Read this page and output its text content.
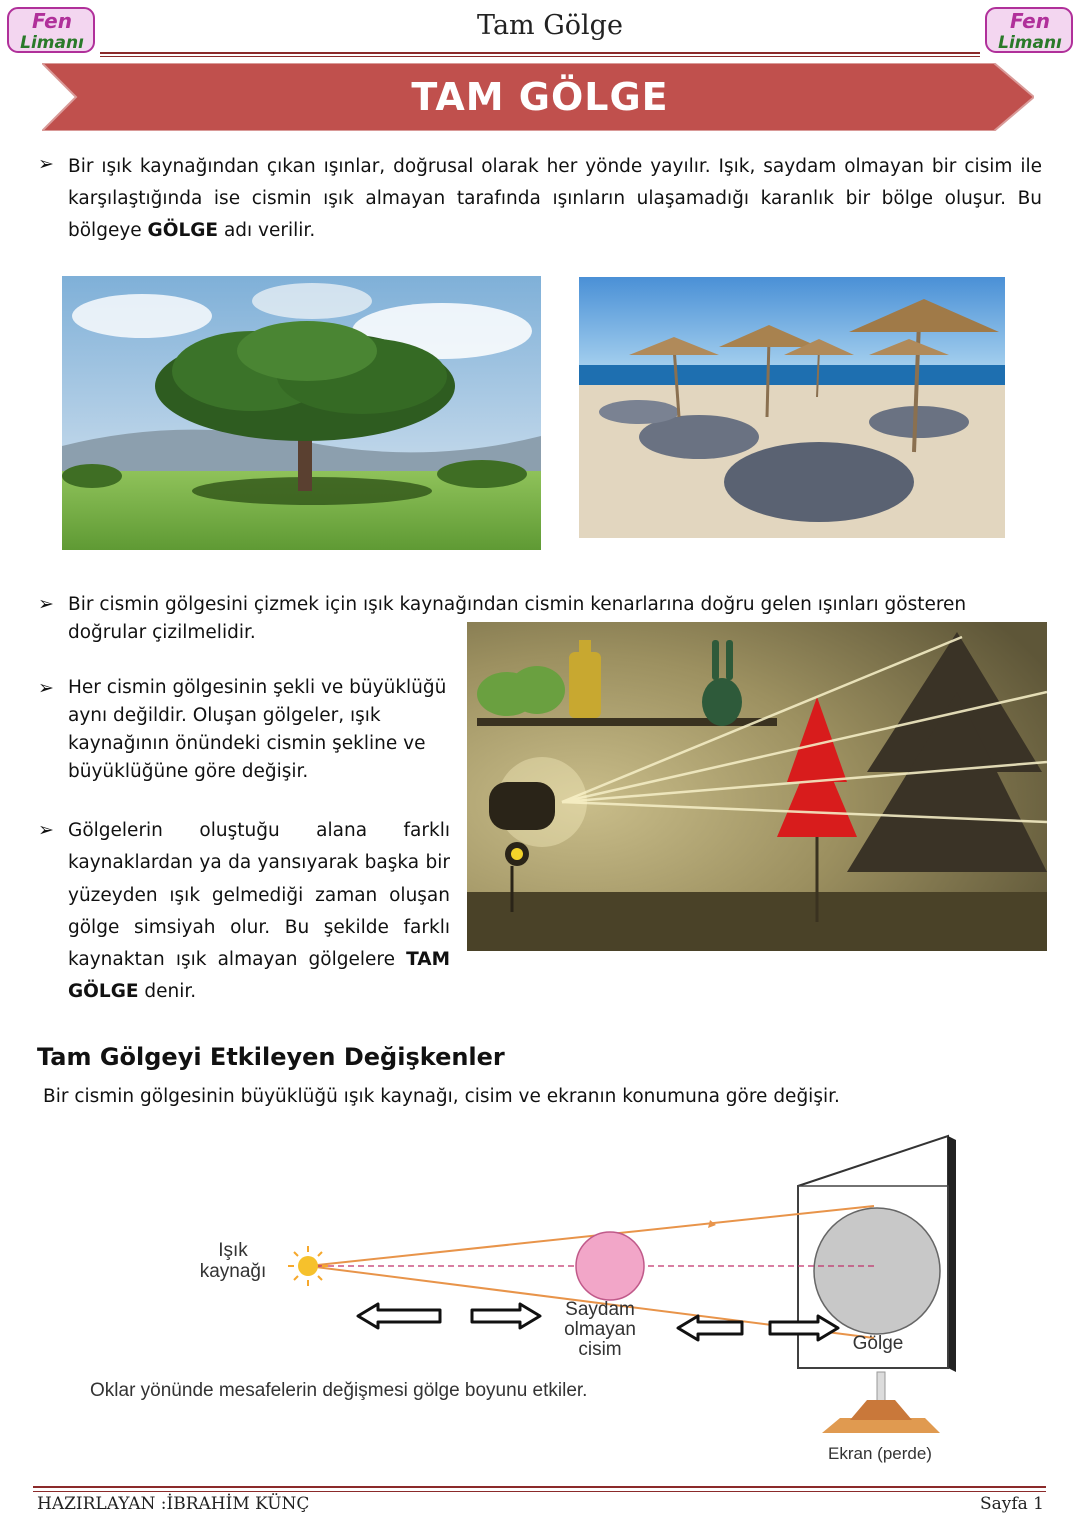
Fen
Limanı
Tam Gölge	Fen
Limanı
TAM GÖLGE
➢ Bir ışık kaynağından çıkan ışınlar, doğrusal olarak her yönde yayılır. Işık, saydam olmayan bir cisim ile karşılaştığında ise cismin ışık almayan tarafında ışınların ulaşamadığı karanlık bir bölge oluşur. Bu bölgeye GÖLGE adı verilir.
➢ Bir cismin gölgesini çizmek için ışık kaynağından cismin kenarlarına doğru gelen ışınları gösteren doğrular çizilmelidir.
➢ Her cismin gölgesinin şekli ve büyüklüğü aynı değildir. Oluşan gölgeler, ışık kaynağının önündeki cismin şekline ve büyüklüğüne göre değişir.
➢ Gölgelerin oluştuğu alana farklı kaynaklardan ya da yansıyarak başka bir yüzeyden ışık gelmediği zaman oluşan gölge simsiyah olur. Bu şekilde farklı kaynaktan ışık almayan gölgelere TAM GÖLGE denir.
Tam Gölgeyi Etkileyen Değişkenler
Bir cismin gölgesinin büyüklüğü ışık kaynağı, cisim ve ekranın konumuna göre değişir.
Işık
kaynağı
Saydam
olmayan
cisim	Gölge
Oklar yönünde mesafelerin değişmesi gölge boyunu etkiler.
Ekran (perde)
HAZIRLAYAN :İBRAHİM KÜNÇ	Sayfa 1
